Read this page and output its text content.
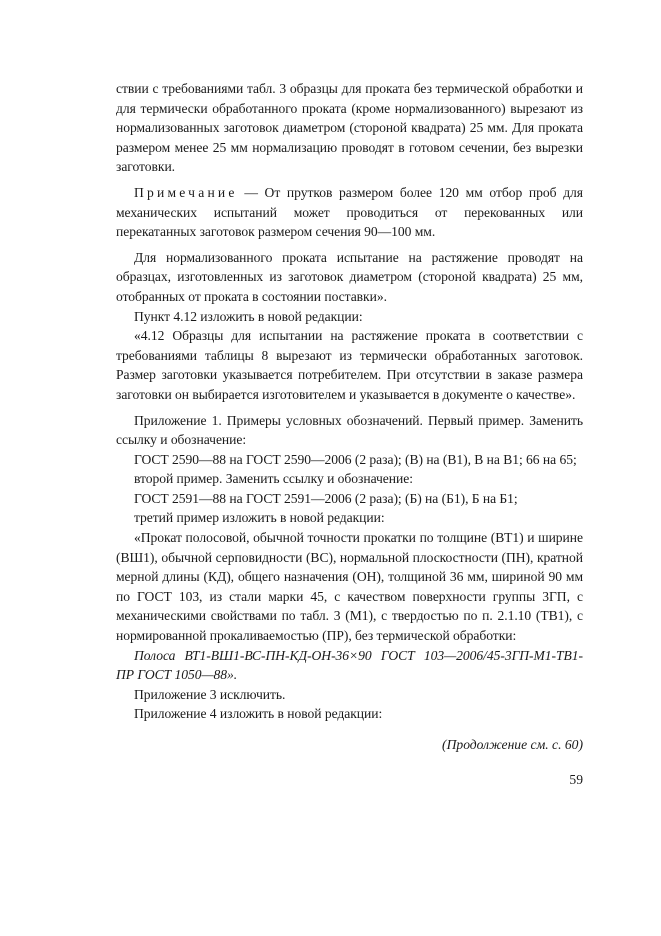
ствии с требованиями табл. 3 образцы для проката без термической обработки и для термически обработанного проката (кроме нормализованного) вырезают из нормализованных заготовок диаметром (стороной квадрата) 25 мм. Для проката размером менее 25 мм нормализацию проводят в готовом сечении, без вырезки заготовки.

Примечание — От прутков размером более 120 мм отбор проб для механических испытаний может проводиться от перекованных или перекатанных заготовок размером сечения 90—100 мм.

Для нормализованного проката испытание на растяжение проводят на образцах, изготовленных из заготовок диаметром (стороной квадрата) 25 мм, отобранных от проката в состоянии поставки».

Пункт 4.12 изложить в новой редакции:

«4.12 Образцы для испытании на растяжение проката в соответствии с требованиями таблицы 8 вырезают из термически обработанных заготовок. Размер заготовки указывается потребителем. При отсутствии в заказе размера заготовки он выбирается изготовителем и указывается в документе о качестве».

Приложение 1. Примеры условных обозначений. Первый пример. Заменить ссылку и обозначение:

ГОСТ 2590—88 на ГОСТ 2590—2006 (2 раза); (В) на (В1), В на В1; 66 на 65;

второй пример. Заменить ссылку и обозначение:

ГОСТ 2591—88 на ГОСТ 2591—2006 (2 раза); (Б) на (Б1), Б на Б1;

третий пример изложить в новой редакции:

«Прокат полосовой, обычной точности прокатки по толщине (ВТ1) и ширине (ВШ1), обычной серповидности (ВС), нормальной плоскостности (ПН), кратной мерной длины (КД), общего назначения (ОН), толщиной 36 мм, шириной 90 мм по ГОСТ 103, из стали марки 45, с качеством поверхности группы 3ГП, с механическими свойствами по табл. 3 (М1), с твердостью по п. 2.1.10 (ТВ1), с нормированной прокаливаемостью (ПР), без термической обработки:

Полоса ВТ1-ВШ1-ВС-ПН-КД-ОН-36×90 ГОСТ 103—2006/45-3ГП-М1-ТВ1-ПР ГОСТ 1050—88».

Приложение 3 исключить.

Приложение 4 изложить в новой редакции:

(Продолжение см. с. 60)
59
